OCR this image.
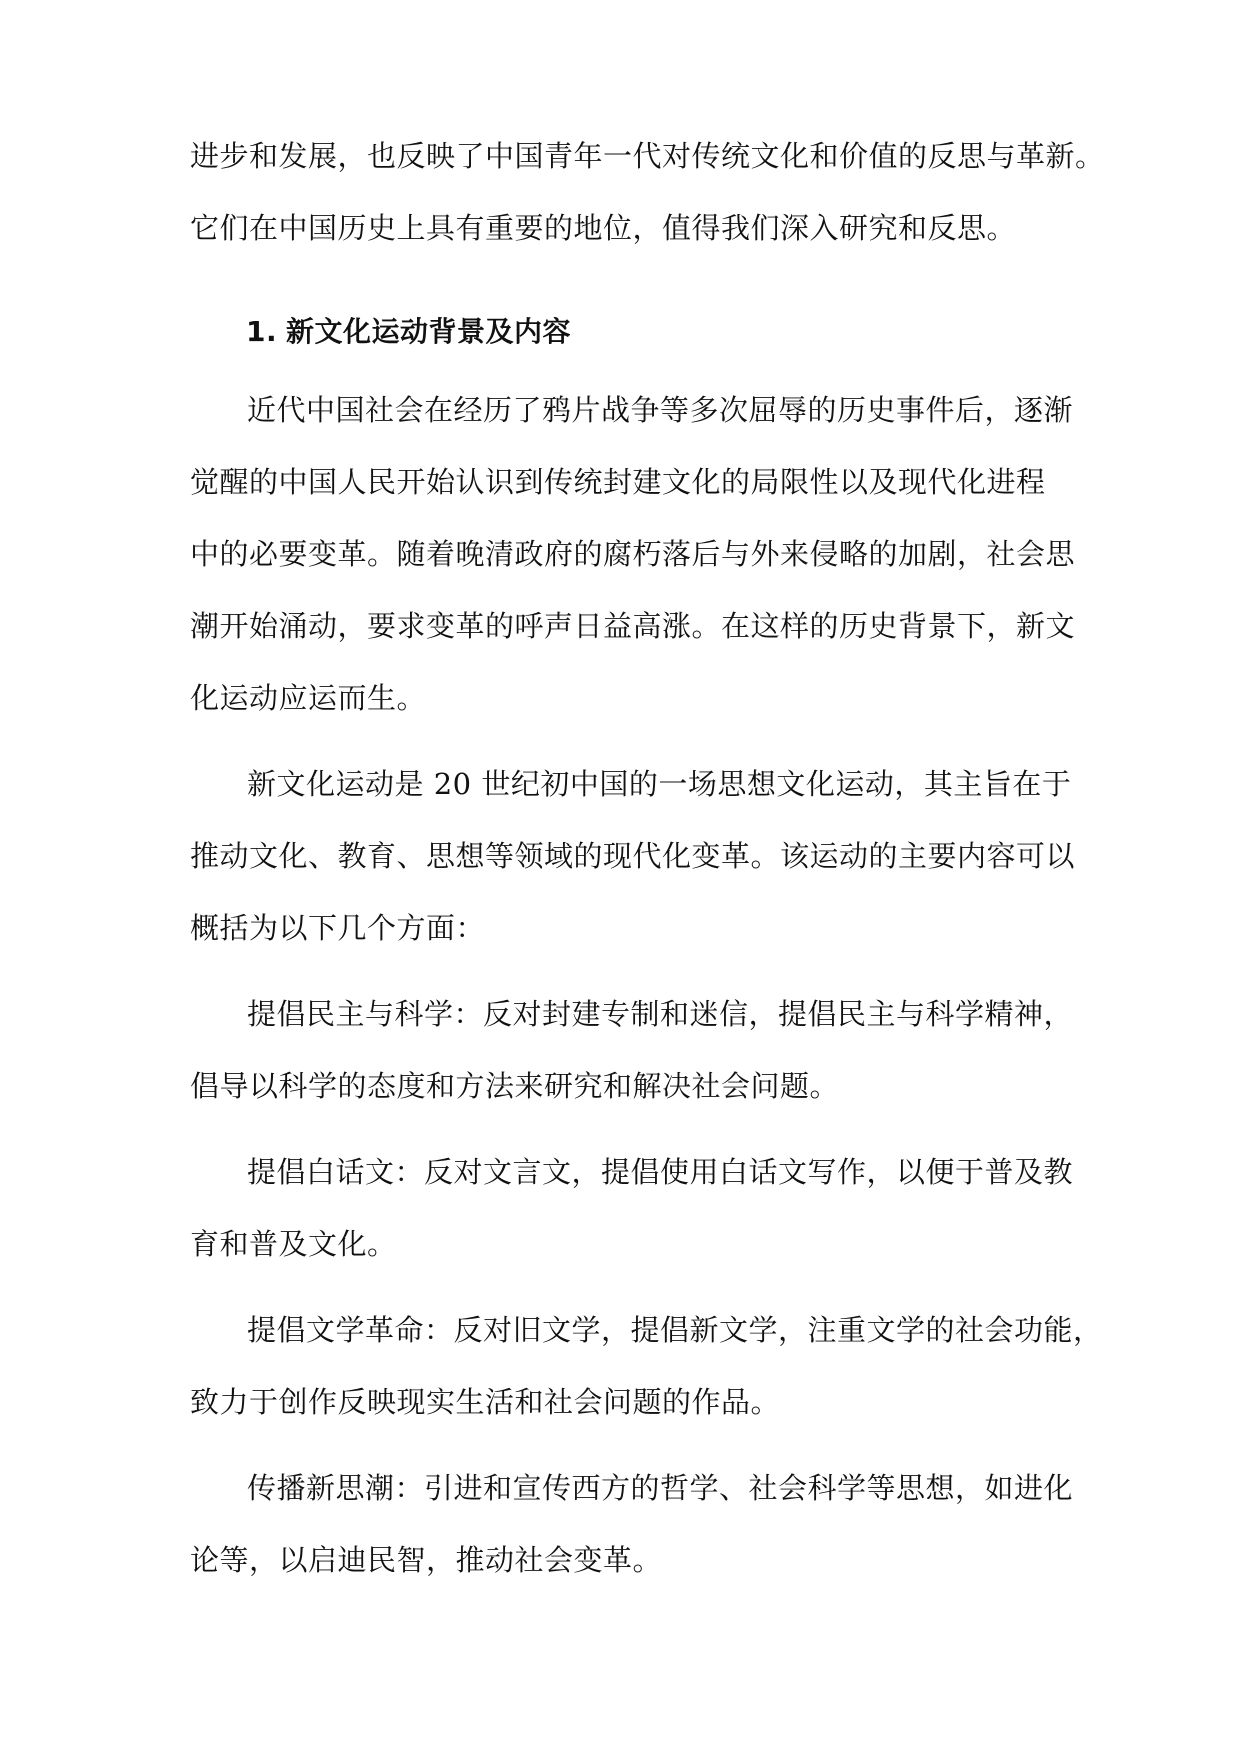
进步和发展，也反映了中国青年一代对传统文化和价值的反思与革新。

它们在中国历史上具有重要的地位，值得我们深入研究和反思。

1. 新文化运动背景及内容

近代中国社会在经历了鸦片战争等多次屈辱的历史事件后，逐渐

觉醒的中国人民开始认识到传统封建文化的局限性以及现代化进程

中的必要变革。随着晚清政府的腐朽落后与外来侵略的加剧，社会思

潮开始涌动，要求变革的呼声日益高涨。在这样的历史背景下，新文

化运动应运而生。

新文化运动是 20 世纪初中国的一场思想文化运动，其主旨在于

推动文化、教育、思想等领域的现代化变革。该运动的主要内容可以

概括为以下几个方面：

提倡民主与科学：反对封建专制和迷信，提倡民主与科学精神，

倡导以科学的态度和方法来研究和解决社会问题。

提倡白话文：反对文言文，提倡使用白话文写作，以便于普及教

育和普及文化。

提倡文学革命：反对旧文学，提倡新文学，注重文学的社会功能，

致力于创作反映现实生活和社会问题的作品。

传播新思潮：引进和宣传西方的哲学、社会科学等思想，如进化

论等，以启迪民智，推动社会变革。
